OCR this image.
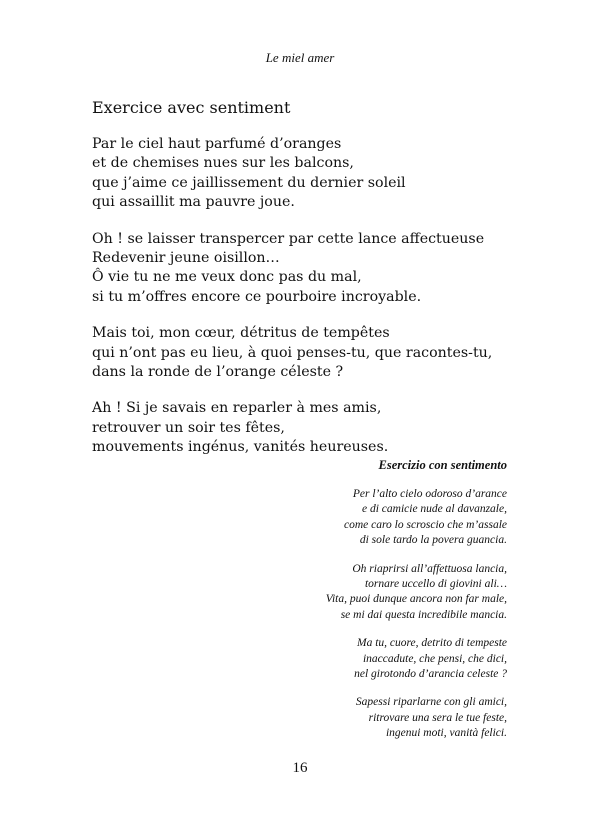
Le miel amer
Exercice avec sentiment
Par le ciel haut parfumé d’oranges
et de chemises nues sur les balcons,
que j’aime ce jaillissement du dernier soleil
qui assaillit ma pauvre joue.
Oh ! se laisser transpercer par cette lance affectueuse
Redevenir jeune oisillon…
Ô vie tu ne me veux donc pas du mal,
si tu m’offres encore ce pourboire incroyable.
Mais toi, mon cœur, détritus de tempêtes
qui n’ont pas eu lieu, à quoi penses-tu, que racontes-tu,
dans la ronde de l’orange céleste ?
Ah ! Si je savais en reparler à mes amis,
retrouver un soir tes fêtes,
mouvements ingénus, vanités heureuses.
Esercizio con sentimento
Per l’alto cielo odoroso d’arance
e di camicie nude al davanzale,
come caro lo scroscio che m’assale
di sole tardo la povera guancia.
Oh riaprirsi all’affettuosa lancia,
tornare uccello di giovini ali…
Vita, puoi dunque ancora non far male,
se mi dai questa incredibile mancia.
Ma tu, cuore, detrito di tempeste
inaccadute, che pensi, che dici,
nel girotondo d’arancia celeste ?
Sapessi riparlarne con gli amici,
ritrovare una sera le tue feste,
ingenui moti, vanità felici.
16
